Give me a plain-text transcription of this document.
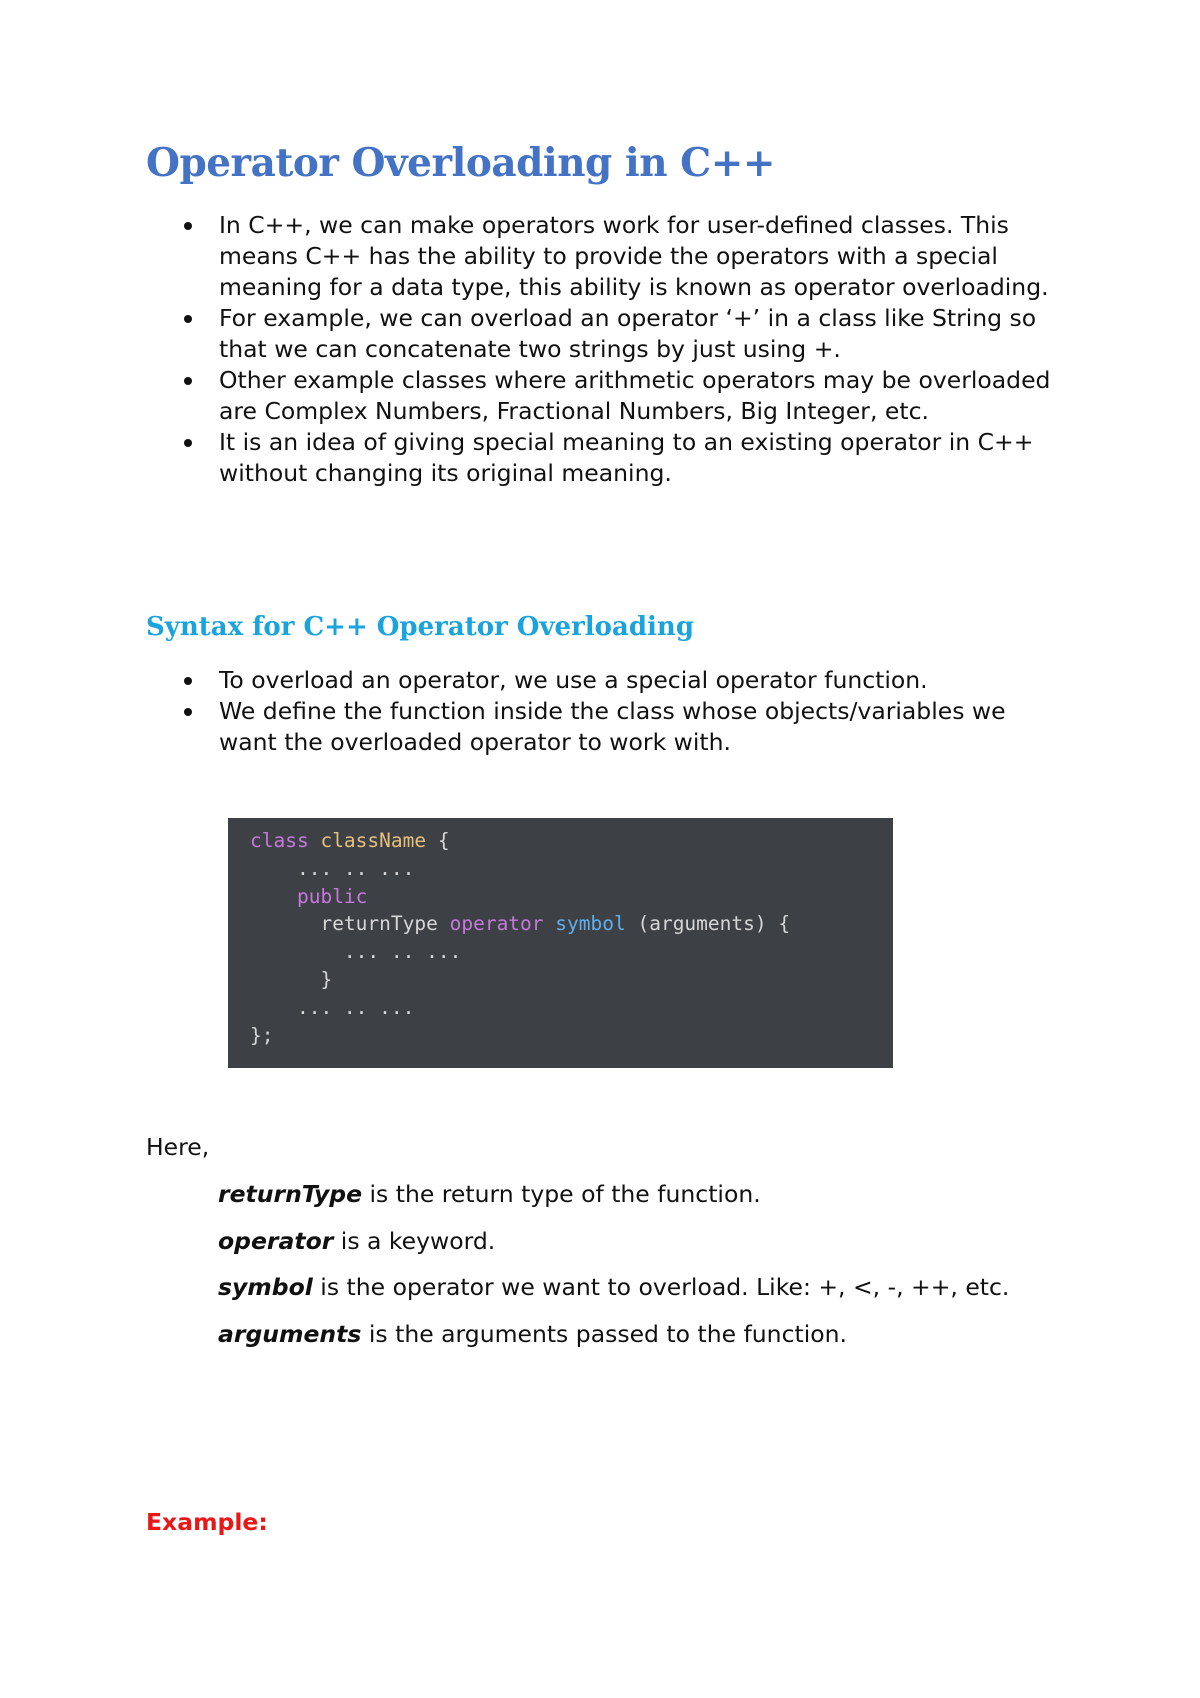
Operator Overloading in C++
In C++, we can make operators work for user-defined classes. This means C++ has the ability to provide the operators with a special meaning for a data type, this ability is known as operator overloading.
For example, we can overload an operator ‘+’ in a class like String so that we can concatenate two strings by just using +.
Other example classes where arithmetic operators may be overloaded are Complex Numbers, Fractional Numbers, Big Integer, etc.
It is an idea of giving special meaning to an existing operator in C++ without changing its original meaning.
Syntax for C++ Operator Overloading
To overload an operator, we use a special operator function.
We define the function inside the class whose objects/variables we want the overloaded operator to work with.
class className {
... .. ...
public
returnType operator symbol (arguments) {
... .. ...
}
... .. ...
};
Here,
returnType is the return type of the function.
operator is a keyword.
symbol is the operator we want to overload. Like: +, <, -, ++, etc.
arguments is the arguments passed to the function.
Example:
